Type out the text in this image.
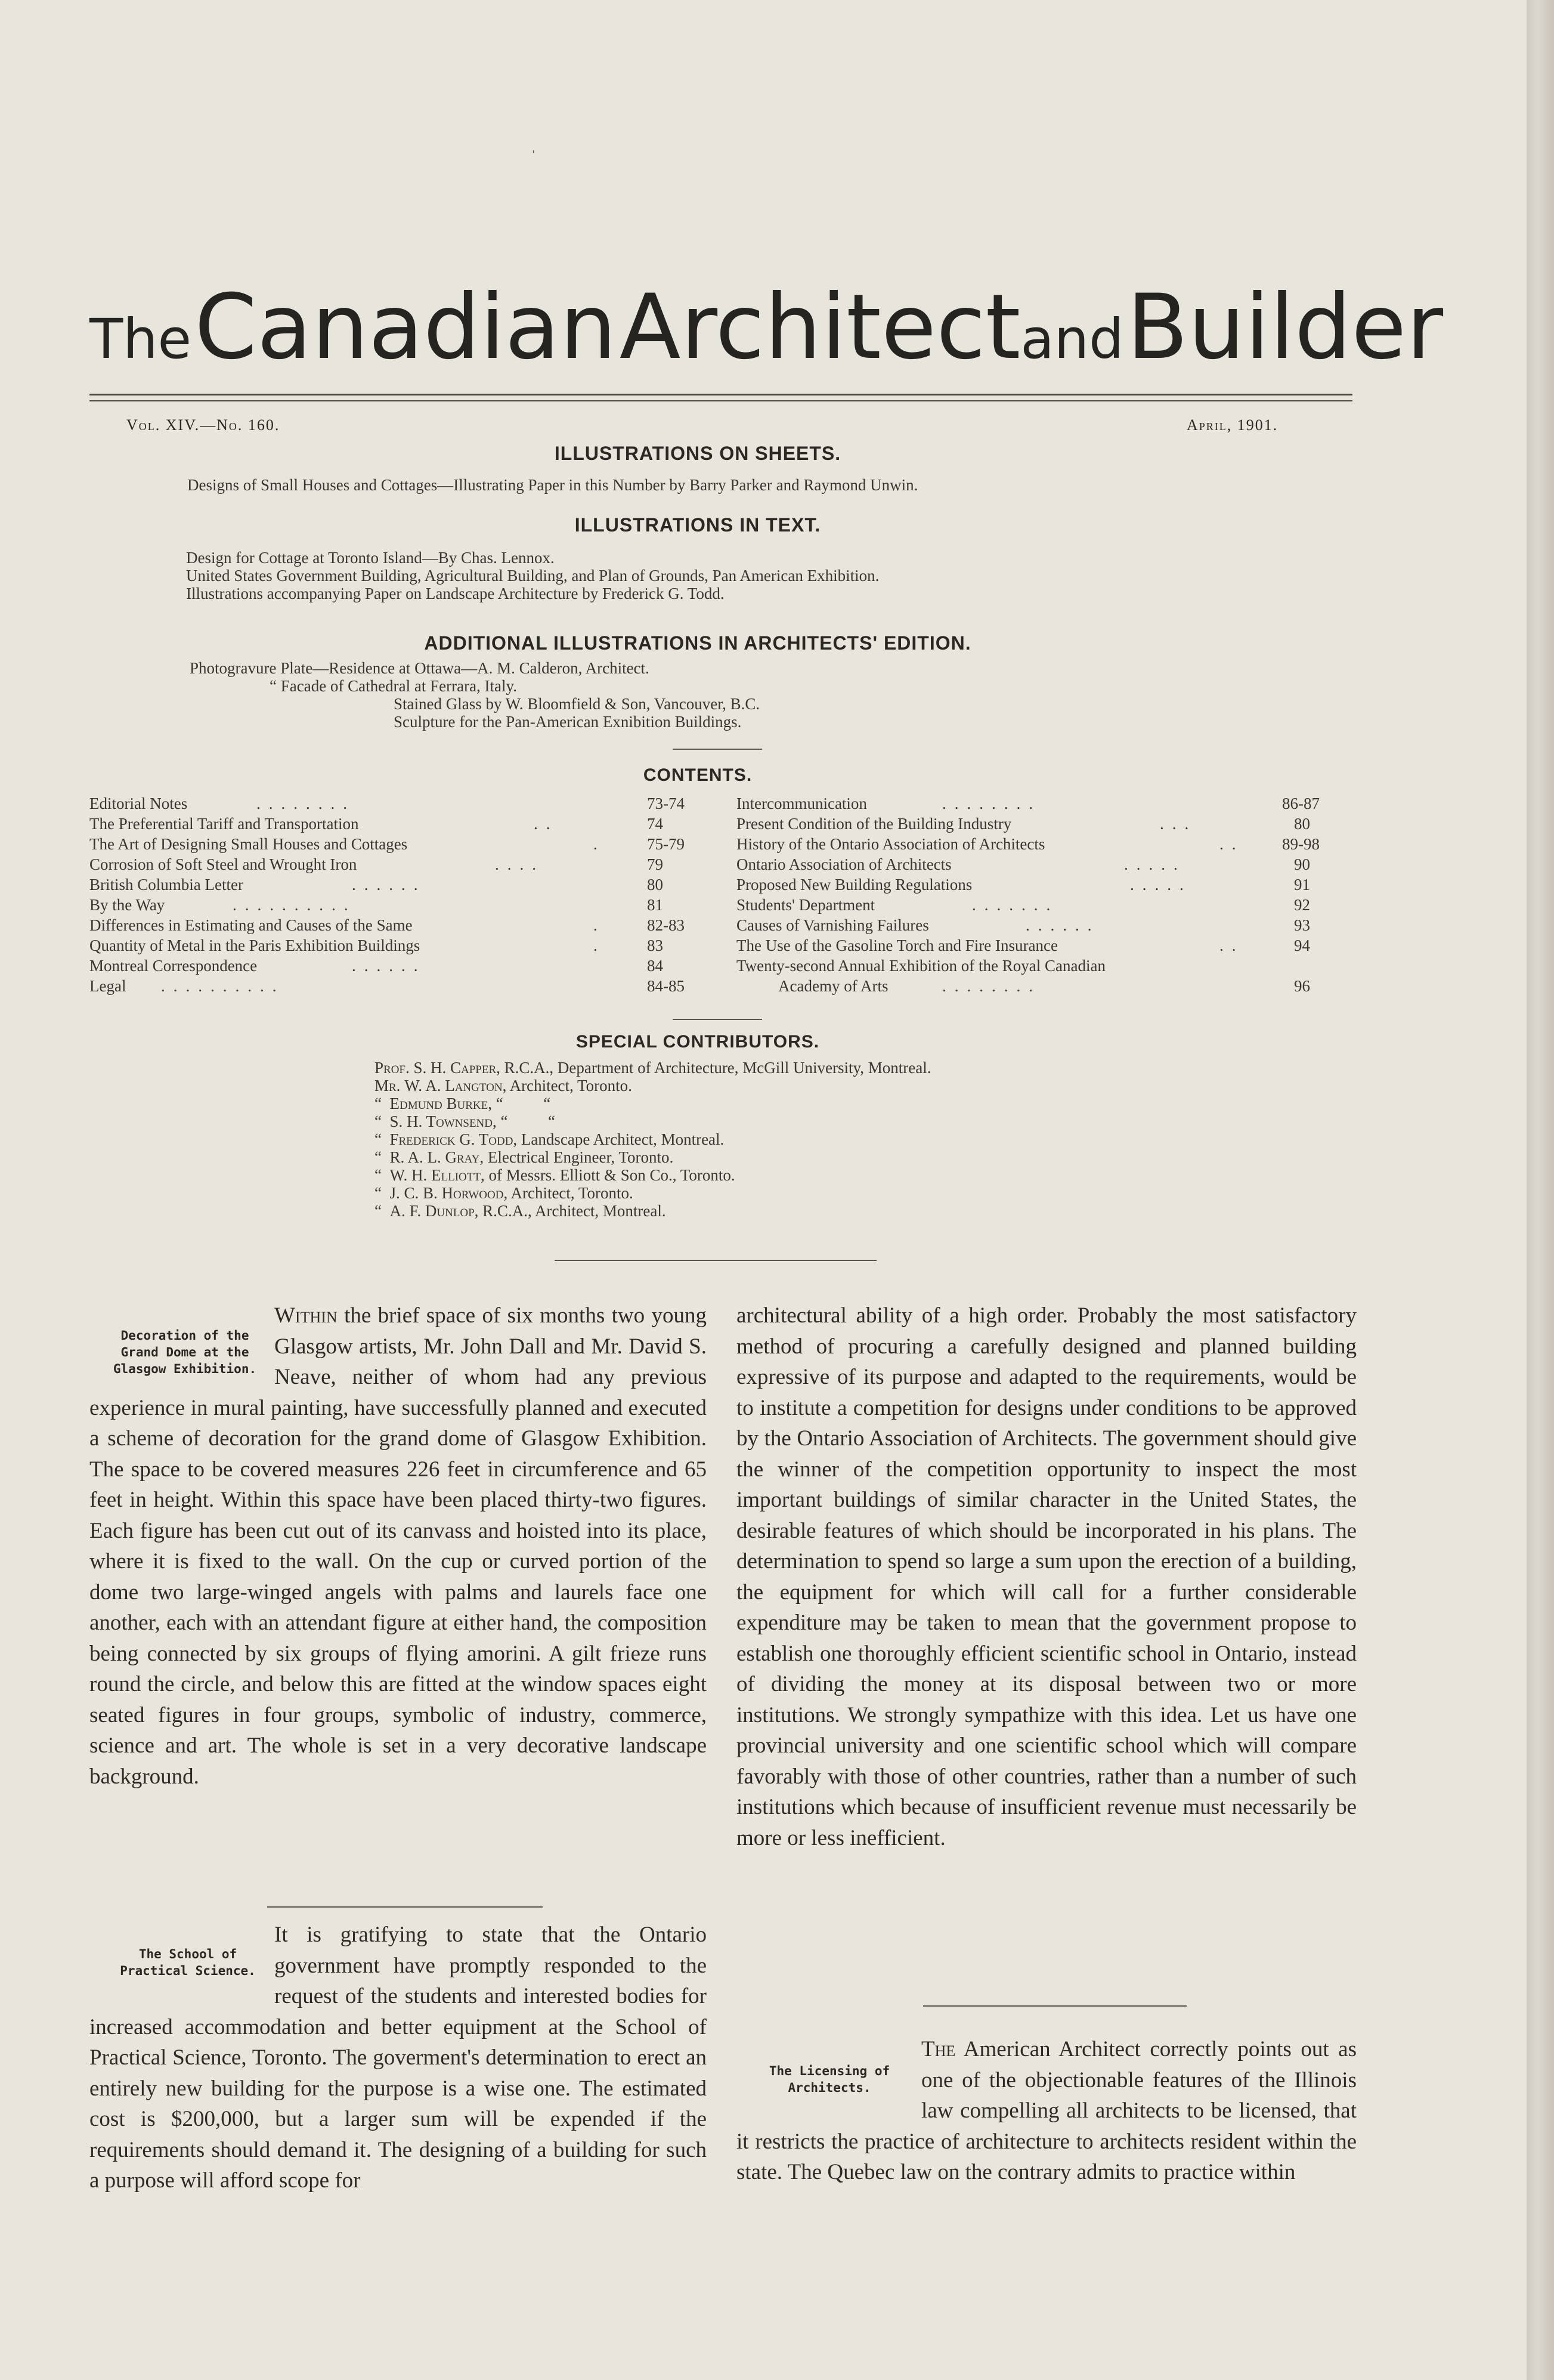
ˈ
The Canadian Architectand Builder
Vol. XIV.—No. 160.	April, 1901.
ILLUSTRATIONS ON SHEETS.
Designs of Small Houses and Cottages—Illustrating Paper in this Number by Barry Parker and Raymond Unwin.
ILLUSTRATIONS IN TEXT.
Design for Cottage at Toronto Island—By Chas. Lennox.
United States Government Building, Agricultural Building, and Plan of Grounds, Pan American Exhibition.
Illustrations accompanying Paper on Landscape Architecture by Frederick G. Todd.
ADDITIONAL ILLUSTRATIONS IN ARCHITECTS' EDITION.
Photogravure Plate—Residence at Ottawa—A. M. Calderon, Architect.
“ Facade of Cathedral at Ferrara, Italy.
Stained Glass by W. Bloomfield & Son, Vancouver, B.C.
Sculpture for the Pan-American Exnibition Buildings.
CONTENTS.
Editorial Notes	........	73-74
The Preferential Tariff and Transportation	..	74
The Art of Designing Small Houses and Cottages	.	75-79
Corrosion of Soft Steel and Wrought Iron	....	79
British Columbia Letter	......	80
By the Way	..........	81
Differences in Estimating and Causes of the Same	.	82-83
Quantity of Metal in the Paris Exhibition Buildings	.	83
Montreal Correspondence	......	84
Legal ..........	84-85
Intercommunication	........	86-87
Present Condition of the Building Industry	...	80
History of the Ontario Association of Architects	.. 89-98
Ontario Association of Architects	.....	90
Proposed New Building Regulations	.....	91
Students' Department	.......	92
Causes of Varnishing Failures	......	93
The Use of the Gasoline Torch and Fire Insurance	..	94
Twenty-second Annual Exhibition of the Royal Canadian
Academy of Arts	........	96
SPECIAL CONTRIBUTORS.
Prof. S. H. Capper, R.C.A., Department of Architecture, McGill University, Montreal.
Mr. W. A. Langton, Architect, Toronto.
“ Edmund Burke, “          “
“ S. H. Townsend, “          “
“ Frederick G. Todd, Landscape Architect, Montreal.
“ R. A. L. Gray, Electrical Engineer, Toronto.
“ W. H. Elliott, of Messrs. Elliott & Son Co., Toronto.
“ J. C. B. Horwood, Architect, Toronto.
“ A. F. Dunlop, R.C.A., Architect, Montreal.
Decoration of the Grand Dome at the Glasgow Exhibition.
Within the brief space of six months two young Glasgow artists, Mr. John Dall and Mr. David S. Neave, neither of whom had any previous experience in mural painting, have successfully planned and executed a scheme of decoration for the grand dome of Glasgow Exhibition. The space to be covered measures 226 feet in circumference and 65 feet in height. Within this space have been placed thirty-two figures. Each figure has been cut out of its canvass and hoisted into its place, where it is fixed to the wall. On the cup or curved portion of the dome two large-winged angels with palms and laurels face one another, each with an attendant figure at either hand, the composition being connected by six groups of flying amorini. A gilt frieze runs round the circle, and below this are fitted at the window spaces eight seated figures in four groups, symbolic of industry, commerce, science and art. The whole is set in a very decorative landscape background.
The School of Practical Science.
It is gratifying to state that the Ontario government have promptly responded to the request of the students and interested bodies for increased accommodation and better equipment at the School of Practical Science, Toronto. The goverment's determination to erect an entirely new building for the purpose is a wise one. The estimated cost is $200,000, but a larger sum will be expended if the requirements should demand it. The designing of a building for such a purpose will afford scope for
architectural ability of a high order. Probably the most satisfactory method of procuring a carefully designed and planned building expressive of its purpose and adapted to the requirements, would be to institute a competition for designs under conditions to be approved by the Ontario Association of Architects. The government should give the winner of the competition opportunity to inspect the most important buildings of similar character in the United States, the desirable features of which should be incorporated in his plans. The determination to spend so large a sum upon the erection of a building, the equipment for which will call for a further considerable expenditure may be taken to mean that the government propose to establish one thoroughly efficient scientific school in Ontario, instead of dividing the money at its disposal between two or more institutions. We strongly sympathize with this idea. Let us have one provincial university and one scientific school which will compare favorably with those of other countries, rather than a number of such institutions which because of insufficient revenue must necessarily be more or less inefficient.
The Licensing of Architects.
The American Architect correctly points out as one of the objectionable features of the Illinois law compelling all architects to be licensed, that it restricts the practice of architecture to architects resident within the state. The Quebec law on the contrary admits to practice within
